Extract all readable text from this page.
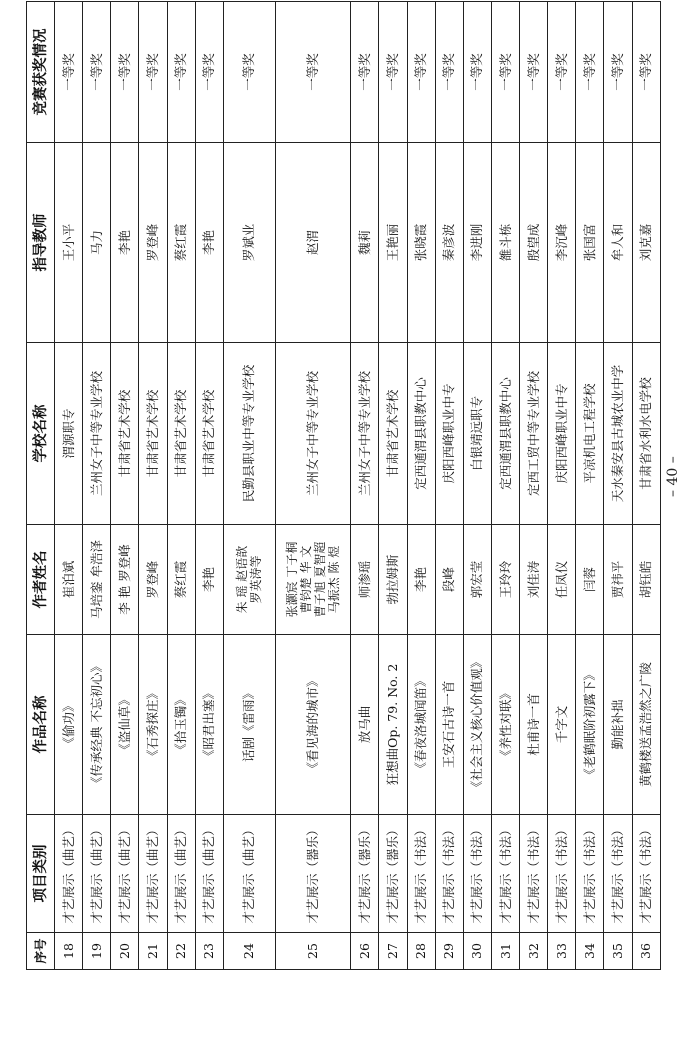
序号	项目类别	作品名称	作者姓名	学校名称	指导教师	竞赛获奖情况
18	才艺展示（曲艺）	《偷功》	崔泊斌	渭源职专	王小平	一等奖
19	才艺展示（曲艺）	《传承经典 不忘初心》	马培銮 牟浩泽	兰州女子中等专业学校	马力	一等奖
20	才艺展示（曲艺）	《盗仙草》	李 艳 罗登峰	甘肃省艺术学校	李艳	一等奖
21	才艺展示（曲艺）	《石秀探庄》	罗登峰	甘肃省艺术学校	罗登峰	一等奖
22	才艺展示（曲艺）	《拾玉镯》	蔡红霞	甘肃省艺术学校	蔡红霞	一等奖
23	才艺展示（曲艺）	《昭君出塞》	李艳	甘肃省艺术学校	李艳	一等奖
24	才艺展示（曲艺）	话剧《雷雨》	朱 瑶 赵语歆
罗英涛等	民勤县职业中等专业学校	罗斌业	一等奖
25	才艺展示（器乐）	《看见海的城市》	张灏宸 丁子桐
曹钧楚 华 文
曹子旭 夏智超
马振杰 陈 煜	兰州女子中等专业学校	赵渭	一等奖
26	才艺展示（器乐）	放马曲	师渗瑶	兰州女子中等专业学校	魏莉	一等奖
27	才艺展示（器乐）	狂想曲Op. 79. No. 2	勃拉姆斯	甘肃省艺术学校	王艳丽	一等奖
28	才艺展示（书法）	《春夜洛城闻笛》	李艳	定西通渭县职教中心	张晓霞	一等奖
29	才艺展示（书法）	王安石古诗一首	段峰	庆阳西峰职业中专	秦彦波	一等奖
30	才艺展示（书法）	《社会主义核心价值观》	郭宏莹	白银靖远职专	李进刚	一等奖
31	才艺展示（书法）	《养性对联》	王玲玲	定西通渭县职教中心	雒斗栋	一等奖
32	才艺展示（书法）	杜甫诗一首	刘佳涛	定西工贸中等专业学校	殷望成	一等奖
33	才艺展示（书法）	千字文	任凤仪	庆阳西峰职业中专	李沉峰	一等奖
34	才艺展示（书法）	《老鹤眠阶初露下》	闫蓉	平凉机电工程学校	张国富	一等奖
35	才艺展示（书法）	勤能补拙	贾祎平	天水秦安县古城农业中学	牟人和	一等奖
36	才艺展示（书法）	黄鹤楼送孟浩然之广陵	胡钰皓	甘肃省水利水电学校	刘克嘉	一等奖
– 40 –
